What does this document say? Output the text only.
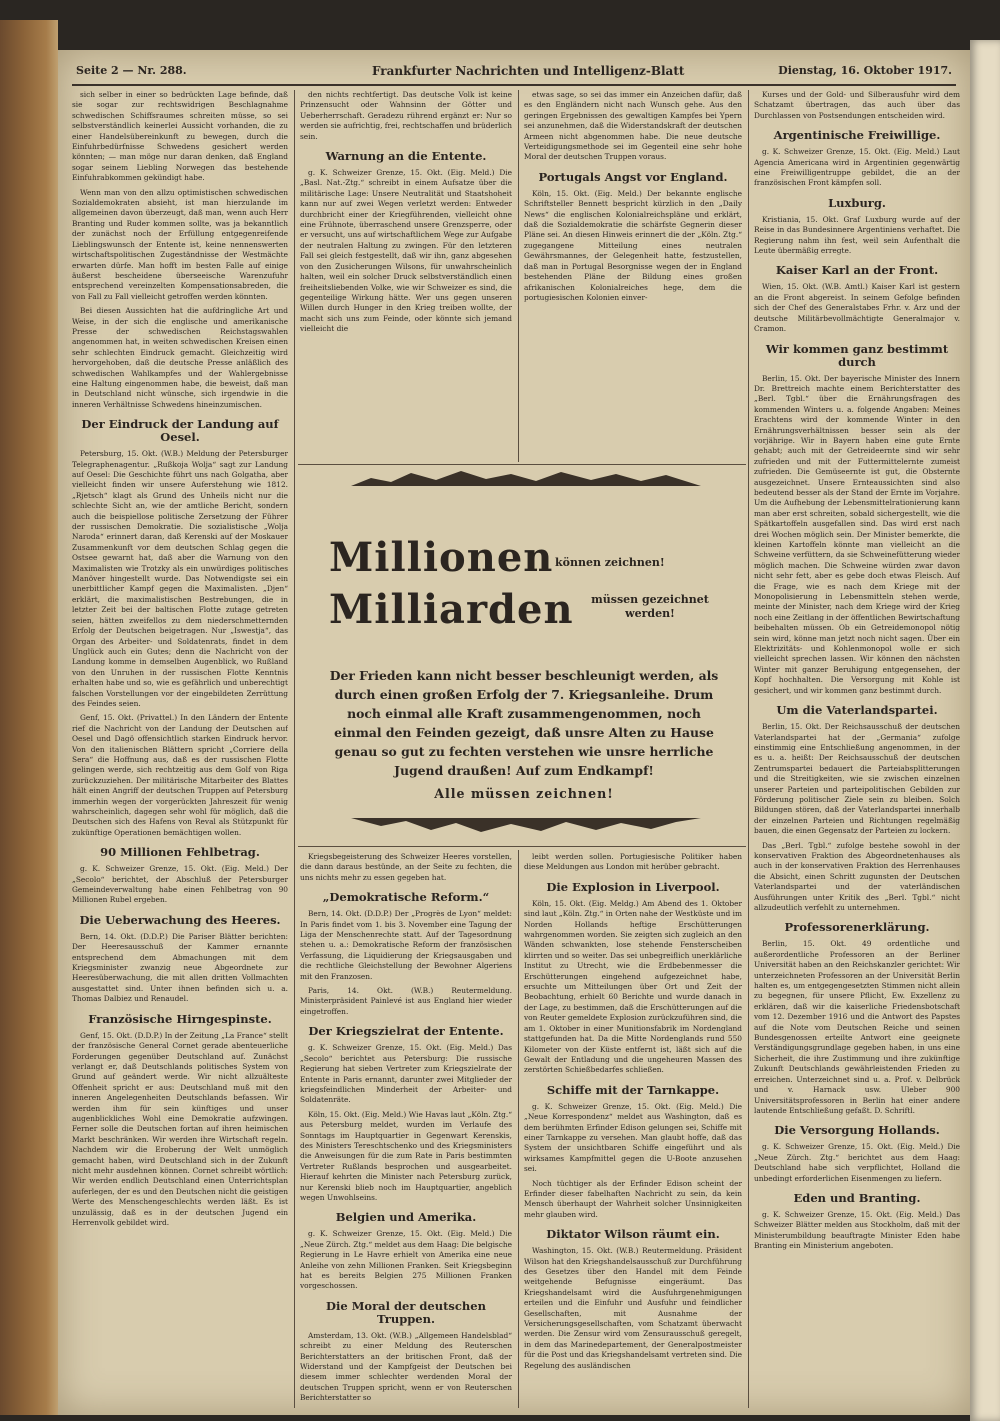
Seite 2 — Nr. 288.	Frankfurter Nachrichten und Intelligenz-Blatt	Dienstag, 16. Oktober 1917.

sich selber in einer so bedrückten Lage befinde, daß sie sogar zur rechtswidrigen Beschlagnahme schwedischen Schiffsraumes schreiten müsse, so sei selbstverständlich keinerlei Aussicht vorhanden, die zu einer Handelsübereinkunft zu bewegen, durch die Einfuhrbedürfnisse Schwedens gesichert werden könnten; — man möge nur daran denken, daß England sogar seinem Liebling Norwegen das bestehende Einfuhrabkommen gekündigt habe.

Wenn man von den allzu optimistischen schwedischen Sozialdemokraten absieht, ist man hierzulande im allgemeinen davon überzeugt, daß man, wenn auch Herr Branting und Ruder kommen sollte, was ja bekanntlich der zunächst noch der Erfüllung entgegenreifende Lieblingswunsch der Entente ist, keine nennenswerten wirtschaftspolitischen Zugeständnisse der Westmächte erwarten dürfe. Man hofft im besten Falle auf einige äußerst bescheidene überseeische Warenzufuhr entsprechend vereinzelten Kompensationsabreden, die von Fall zu Fall vielleicht getroffen werden könnten.

Bei diesen Aussichten hat die aufdringliche Art und Weise, in der sich die englische und amerikanische Presse der schwedischen Reichstagswahlen angenommen hat, in weiten schwedischen Kreisen einen sehr schlechten Eindruck gemacht. Gleichzeitig wird hervorgehoben, daß die deutsche Presse anläßlich des schwedischen Wahlkampfes und der Wahlergebnisse eine Haltung eingenommen habe, die beweist, daß man in Deutschland nicht wünsche, sich irgendwie in die inneren Verhältnisse Schwedens hineinzumischen.

Der Eindruck der Landung auf Oesel.

Petersburg, 15. Okt. (W.B.) Meldung der Petersburger Telegraphenagentur. „Rußkoja Wolja“ sagt zur Landung auf Oesel: Die Geschichte führt uns nach Golgatha, aber vielleicht finden wir unsere Auferstehung wie 1812. „Rjetsch“ klagt als Grund des Unheils nicht nur die schlechte Sicht an, wie der amtliche Bericht, sondern auch die beispiellose politische Zersetzung der Führer der russischen Demokratie. Die sozialistische „Wolja Naroda“ erinnert daran, daß Kerenski auf der Moskauer Zusammenkunft vor dem deutschen Schlag gegen die Ostsee gewarnt hat, daß aber die Warnung von den Maximalisten wie Trotzky als ein unwürdiges politisches Manöver hingestellt wurde. Das Notwendigste sei ein unerbittlicher Kampf gegen die Maximalisten. „Djen“ erklärt, die maximalistischen Bestrebungen, die in letzter Zeit bei der baltischen Flotte zutage getreten seien, hätten zweifellos zu dem niederschmetternden Erfolg der Deutschen beigetragen. Nur „Iswestja“, das Organ des Arbeiter- und Soldatenrats, findet in dem Unglück auch ein Gutes; denn die Nachricht von der Landung komme in demselben Augenblick, wo Rußland von den Unruhen in der russischen Flotte Kenntnis erhalten habe und so, wie es gefährlich und unberechtigt falschen Vorstellungen vor der eingebildeten Zerrüttung des Feindes seien.

Genf, 15. Okt. (Privattel.) In den Ländern der Entente rief die Nachricht von der Landung der Deutschen auf Oesel und Dagö offensichtlich starken Eindruck hervor. Von den italienischen Blättern spricht „Corriere della Sera“ die Hoffnung aus, daß es der russischen Flotte gelingen werde, sich rechtzeitig aus dem Golf von Riga zurückzuziehen. Der militärische Mitarbeiter des Blattes hält einen Angriff der deutschen Truppen auf Petersburg immerhin wegen der vorgerückten Jahreszeit für wenig wahrscheinlich, dagegen sehr wohl für möglich, daß die Deutschen sich des Hafens von Reval als Stützpunkt für zukünftige Operationen bemächtigen wollen.

90 Millionen Fehlbetrag.

g. K. Schweizer Grenze, 15. Okt. (Eig. Meld.) Der „Secolo“ berichtet, der Abschluß der Petersburger Gemeindeverwaltung habe einen Fehlbetrag von 90 Millionen Rubel ergeben.

Die Ueberwachung des Heeres.

Bern, 14. Okt. (D.D.P.) Die Pariser Blätter berichten: Der Heeresausschuß der Kammer ernannte entsprechend dem Abmachungen mit dem Kriegsminister zwanzig neue Abgeordnete zur Heeresüberwachung, die mit allen dritten Vollmachten ausgestattet sind. Unter ihnen befinden sich u. a. Thomas Dalbiez und Renaudel.

Französische Hirngespinste.

Genf, 15. Okt. (D.D.P.) In der Zeitung „La France“ stellt der französische General Cornet gerade abenteuerliche Forderungen gegenüber Deutschland auf. Zunächst verlangt er, daß Deutschlands politisches System von Grund auf geändert werde. Wir nicht allzuälteste Offenheit spricht er aus: Deutschland muß mit den inneren Angelegenheiten Deutschlands befassen. Wir werden ihm für sein künftiges und unser augenblickliches Wohl eine Demokratie aufzwingen. Ferner solle die Deutschen fortan auf ihren heimischen Markt beschränken. Wir werden ihre Wirtschaft regeln. Nachdem wir die Eroberung der Welt unmöglich gemacht haben, wird Deutschland sich in der Zukunft nicht mehr ausdehnen können. Cornet schreibt wörtlich: Wir werden endlich Deutschland einen Unterrichtsplan auferlegen, der es und den Deutschen nicht die geistigen Werte des Menschengeschlechts werden läßt. Es ist unzulässig, daß es in der deutschen Jugend ein Herrenvolk gebildet wird.

den nichts rechtfertigt. Das deutsche Volk ist keine Prinzensucht oder Wahnsinn der Götter und Ueberherrschaft. Geradezu rührend ergänzt er: Nur so werden sie aufrichtig, frei, rechtschaffen und brüderlich sein.

Warnung an die Entente.

g. K. Schweizer Grenze, 15. Okt. (Eig. Meld.) Die „Basl. Nat.-Ztg.“ schreibt in einem Aufsatze über die militärische Lage: Unsere Neutralität und Staatshoheit kann nur auf zwei Wegen verletzt werden: Entweder durchbricht einer der Kriegführenden, vielleicht ohne eine Frühnote, überraschend unsere Grenzsperre, oder er versucht, uns auf wirtschaftlichem Wege zur Aufgabe der neutralen Haltung zu zwingen. Für den letzteren Fall sei gleich festgestellt, daß wir ihn, ganz abgesehen von den Zusicherungen Wilsons, für unwahrscheinlich halten, weil ein solcher Druck selbstverständlich einen freiheitsliebenden Volke, wie wir Schweizer es sind, die gegenteilige Wirkung hätte. Wer uns gegen unseren Willen durch Hunger in den Krieg treiben wollte, der macht sich uns zum Feinde, oder könnte sich jemand vielleicht die

etwas sage, so sei das immer ein Anzeichen dafür, daß es den Engländern nicht nach Wunsch gehe. Aus den geringen Ergebnissen des gewaltigen Kampfes bei Ypern sei anzunehmen, daß die Widerstandskraft der deutschen Armeen nicht abgenommen habe. Die neue deutsche Verteidigungsmethode sei im Gegenteil eine sehr hohe Moral der deutschen Truppen voraus.

Portugals Angst vor England.

Köln, 15. Okt. (Eig. Meld.) Der bekannte englische Schriftsteller Bennett bespricht kürzlich in den „Daily News“ die englischen Kolonialreichspläne und erklärt, daß die Sozialdemokratie die schärfste Gegnerin dieser Pläne sei. An diesen Hinweis erinnert die der „Köln. Ztg.“ zugegangene Mitteilung eines neutralen Gewährsmannes, der Gelegenheit hatte, festzustellen, daß man in Portugal Besorgnisse wegen der in England bestehenden Pläne der Bildung eines großen afrikanischen Kolonialreiches hege, dem die portugiesischen Kolonien einver-

Millionen können zeichnen!
Milliarden	müssen gezeichnet werden!
Der Frieden kann nicht besser beschleunigt werden, als durch einen großen Erfolg der 7. Kriegsanleihe. Drum noch einmal alle Kraft zusammengenommen, noch einmal den Feinden gezeigt, daß unsre Alten zu Hause genau so gut zu fechten verstehen wie unsre herrliche Jugend draußen! Auf zum Endkampf!
Alle müssen zeichnen!

Kriegsbegeisterung des Schweizer Heeres vorstellen, die dann daraus bestünde, an der Seite zu fechten, die uns nichts mehr zu essen gegeben hat.

„Demokratische Reform.“

Bern, 14. Okt. (D.D.P.) Der „Progrès de Lyon“ meldet: In Paris findet vom 1. bis 3. November eine Tagung der Liga der Menschenrechte statt. Auf der Tagesordnung stehen u. a.: Demokratische Reform der französischen Verfassung, die Liquidierung der Kriegsausgaben und die rechtliche Gleichstellung der Bewohner Algeriens mit den Franzosen.

Paris, 14. Okt. (W.B.) Reutermeldung. Ministerpräsident Painlevé ist aus England hier wieder eingetroffen.

Der Kriegszielrat der Entente.

g. K. Schweizer Grenze, 15. Okt. (Eig. Meld.) Das „Secolo“ berichtet aus Petersburg: Die russische Regierung hat sieben Vertreter zum Kriegszielrate der Entente in Paris ernannt, darunter zwei Mitglieder der kriegsfeindlichen Minderheit der Arbeiter- und Soldatenräte.

Köln, 15. Okt. (Eig. Meld.) Wie Havas laut „Köln. Ztg.“ aus Petersburg meldet, wurden im Verlaufe des Sonntags im Hauptquartier in Gegenwart Kerenskis, des Ministers Tereschtschenko und des Kriegsministers die Anweisungen für die zum Rate in Paris bestimmten Vertreter Rußlands besprochen und ausgearbeitet. Hierauf kehrten die Minister nach Petersburg zurück, nur Kerenski blieb noch im Hauptquartier, angeblich wegen Unwohlseins.

Belgien und Amerika.

g. K. Schweizer Grenze, 15. Okt. (Eig. Meld.) Die „Neue Zürch. Ztg.“ meldet aus dem Haag: Die belgische Regierung in Le Havre erhielt von Amerika eine neue Anleihe von zehn Millionen Franken. Seit Kriegsbeginn hat es bereits Belgien 275 Millionen Franken vorgeschossen.

Die Moral der deutschen Truppen.

Amsterdam, 13. Okt. (W.B.) „Allgemeen Handelsblad“ schreibt zu einer Meldung des Reuterschen Berichterstatters an der britischen Front, daß der Widerstand und der Kampfgeist der Deutschen bei diesem immer schlechter werdenden Moral der deutschen Truppen spricht, wenn er von Reuterschen Berichterstatter so

leibt werden sollen. Portugiesische Politiker haben diese Meldungen aus London mit herüber gebracht.

Die Explosion in Liverpool.

Köln, 15. Okt. (Eig. Meldg.) Am Abend des 1. Oktober sind laut „Köln. Ztg.“ in Orten nahe der Westküste und im Norden Hollands heftige Erschütterungen wahrgenommen worden. Sie zeigten sich zugleich an den Wänden schwankten, lose stehende Fensterscheiben klirrten und so weiter. Das sei unbegreiflich unerklärliche Institut zu Utrecht, wie die Erdbebenmesser die Erschütterungen eingehend aufgezeichnet habe, ersuchte um Mitteilungen über Ort und Zeit der Beobachtung, erhielt 60 Berichte und wurde danach in der Lage, zu bestimmen, daß die Erschütterungen auf die von Reuter gemeldete Explosion zurückzuführen sind, die am 1. Oktober in einer Munitionsfabrik im Nordengland stattgefunden hat. Da die Mitte Nordenglands rund 550 Kilometer von der Küste entfernt ist, läßt sich auf die Gewalt der Entladung und die ungeheuren Massen des zerstörten Schießbedarfes schließen.

Schiffe mit der Tarnkappe.

g. K. Schweizer Grenze, 15. Okt. (Eig. Meld.) Die „Neue Korrespondenz“ meldet aus Washington, daß es dem berühmten Erfinder Edison gelungen sei, Schiffe mit einer Tarnkappe zu versehen. Man glaubt hoffe, daß das System der unsichtbaren Schiffe eingeführt und als wirksames Kampfmittel gegen die U-Boote anzusehen sei.

Noch tüchtiger als der Erfinder Edison scheint der Erfinder dieser fabelhaften Nachricht zu sein, da kein Mensch überhaupt der Wahrheit solcher Unsinnigkeiten mehr glauben wird.

Diktator Wilson räumt ein.

Washington, 15. Okt. (W.B.) Reutermeldung. Präsident Wilson hat den Kriegshandelsausschuß zur Durchführung des Gesetzes über den Handel mit dem Feinde weitgehende Befugnisse eingeräumt. Das Kriegshandelsamt wird die Ausfuhrgenehmigungen erteilen und die Einfuhr und Ausfuhr und feindlicher Gesellschaften, mit Ausnahme der Versicherungsgesellschaften, vom Schatzamt überwacht werden. Die Zensur wird vom Zensurausschuß geregelt, in dem das Marinedepartement, der Generalpostmeister für die Post und das Kriegshandelsamt vertreten sind. Die Regelung des ausländischen

Kurses und der Gold- und Silberausfuhr wird dem Schatzamt übertragen, das auch über das Durchlassen von Postsendungen entscheiden wird.

Argentinische Freiwillige.

g. K. Schweizer Grenze, 15. Okt. (Eig. Meld.) Laut Agencia Americana wird in Argentinien gegenwärtig eine Freiwilligentruppe gebildet, die an der französischen Front kämpfen soll.

Luxburg.

Kristiania, 15. Okt. Graf Luxburg wurde auf der Reise in das Bundesinnere Argentiniens verhaftet. Die Regierung nahm ihn fest, weil sein Aufenthalt die Leute übermäßig erregte.

Kaiser Karl an der Front.

Wien, 15. Okt. (W.B. Amtl.) Kaiser Karl ist gestern an die Front abgereist. In seinem Gefolge befinden sich der Chef des Generalstabes Frhr. v. Arz und der deutsche Militärbevollmächtigte Generalmajor v. Cramon.

Wir kommen ganz bestimmt durch

Berlin, 15. Okt. Der bayerische Minister des Innern Dr. Brettreich machte einem Berichterstatter des „Berl. Tgbl.“ über die Ernährungsfragen des kommenden Winters u. a. folgende Angaben: Meines Erachtens wird der kommende Winter in den Ernährungsverhältnissen besser sein als der vorjährige. Wir in Bayern haben eine gute Ernte gehabt; auch mit der Getreideernte sind wir sehr zufrieden und mit der Futtermittelernte zumeist zufrieden. Die Gemüseernte ist gut, die Obsternte ausgezeichnet. Unsere Ernteaussichten sind also bedeutend besser als der Stand der Ernte im Vorjahre. Um die Aufhebung der Lebensmittelrationierung kann man aber erst schreiten, sobald sichergestellt, wie die Spätkartoffeln ausgefallen sind. Das wird erst nach drei Wochen möglich sein. Der Minister bemerkte, die kleinen Kartoffeln könnte man vielleicht an die Schweine verfüttern, da sie Schweinefütterung wieder möglich machen. Die Schweine würden zwar davon nicht sehr fett, aber es gebe doch etwas Fleisch. Auf die Frage, wie es nach dem Kriege mit der Monopolisierung in Lebensmitteln stehen werde, meinte der Minister, nach dem Kriege wird der Krieg noch eine Zeitlang in der öffentlichen Bewirtschaftung beibehalten müssen. Ob ein Getreidemonopol nötig sein wird, könne man jetzt noch nicht sagen. Über ein Elektrizitäts- und Kohlenmonopol wolle er sich vielleicht sprechen lassen. Wir können den nächsten Winter mit ganzer Beruhigung entgegensehen, der Kopf hochhalten. Die Versorgung mit Kohle ist gesichert, und wir kommen ganz bestimmt durch.

Um die Vaterlandspartei.

Berlin, 15. Okt. Der Reichsausschuß der deutschen Vaterlandspartei hat der „Germania“ zufolge einstimmig eine Entschließung angenommen, in der es u. a. heißt: Der Reichsausschuß der deutschen Zentrumspartei bedauert die Parteiabsplitterungen und die Streitigkeiten, wie sie zwischen einzelnen unserer Parteien und parteipolitischen Gebilden zur Förderung politischer Ziele sein zu bleiben. Solch Bildungen stören, daß der Vaterlandspartei innerhalb der einzelnen Parteien und Richtungen regelmäßig bauen, die einen Gegensatz der Parteien zu lockern.

Das „Berl. Tgbl.“ zufolge bestehe sowohl in der konservativen Fraktion des Abgeordnetenhauses als auch in der konservativen Fraktion des Herrenhauses die Absicht, einen Schritt zugunsten der Deutschen Vaterlandspartei und der vaterländischen Ausführungen unter Kritik des „Berl. Tgbl.“ nicht allzudeutlich verfehlt zu unternehmen.

Professorenerklärung.

Berlin, 15. Okt. 49 ordentliche und außerordentliche Professoren an der Berliner Universität haben an den Reichskanzler gerichtet: Wir unterzeichneten Professoren an der Universität Berlin halten es, um entgegengesetzten Stimmen nicht allein zu begegnen, für unsere Pflicht, Ew. Exzellenz zu erklären, daß wir die kaiserliche Friedensbotschaft vom 12. Dezember 1916 und die Antwort des Papstes auf die Note vom Deutschen Reiche und seinen Bundesgenossen erteilte Antwort eine geeignete Verständigungsgrundlage gegeben haben, in uns eine Sicherheit, die ihre Zustimmung und ihre zukünftige Zukunft Deutschlands gewährleistenden Frieden zu erreichen. Unterzeichnet sind u. a. Prof. v. Delbrück und v. Harnack usw. Uleber 900 Universitätsprofessoren in Berlin hat einer andere lautende Entschließung gefaßt. D. Schriftl.

Die Versorgung Hollands.

g. K. Schweizer Grenze, 15. Okt. (Eig. Meld.) Die „Neue Zürch. Ztg.“ berichtet aus dem Haag: Deutschland habe sich verpflichtet, Holland die unbedingt erforderlichen Eisenmengen zu liefern.

Eden und Branting.

g. K. Schweizer Grenze, 15. Okt. (Eig. Meld.) Das Schweizer Blätter melden aus Stockholm, daß mit der Ministerumbildung beauftragte Minister Eden habe Branting ein Ministerium angeboten.
